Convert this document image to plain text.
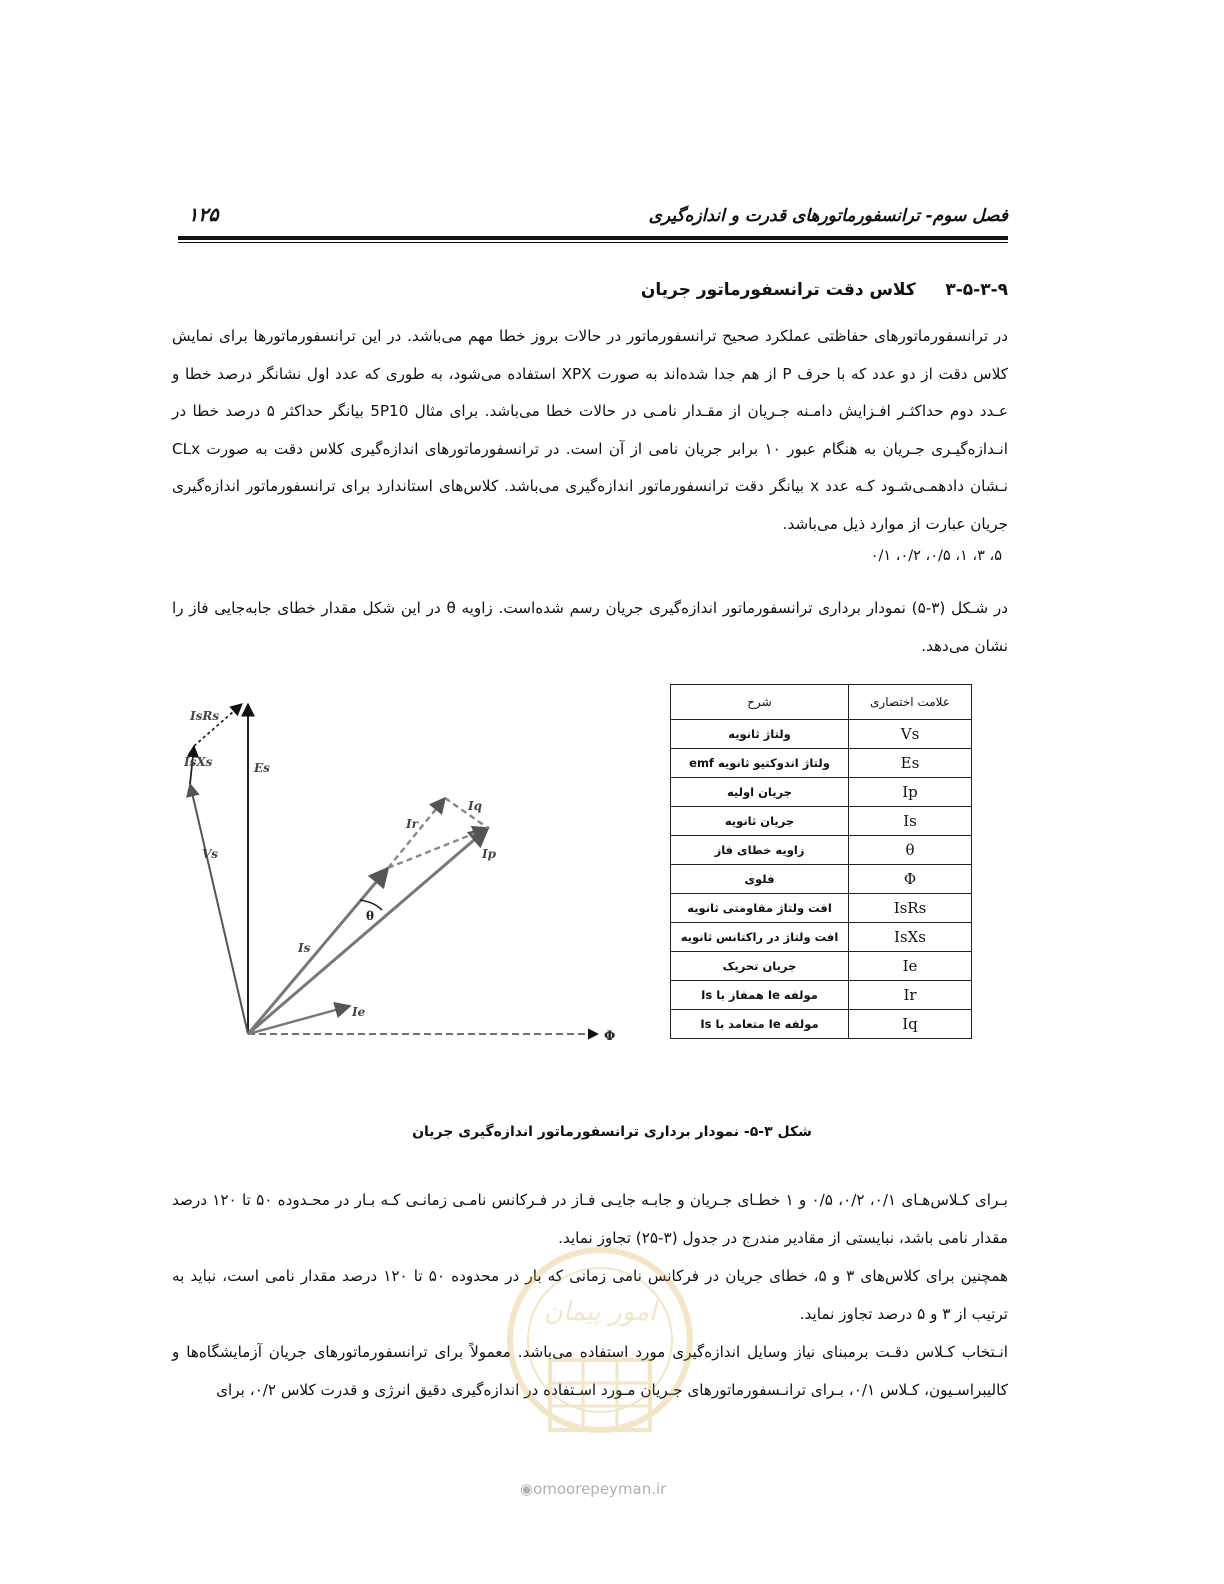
فصل سوم- ترانسفورماتورهای قدرت و اندازه‌گیری
۱۲۵
۳-۵-۳-۹     کلاس دقت ترانسفورماتور جریان
در ترانسفورماتورهای حفاظتی عملکرد صحیح ترانسفورماتور در حالات بروز خطا مهم می‌باشد. در این ترانسفورماتورها برای نمایش کلاس دقت از دو عدد که با حرف P از هم جدا شده‌اند به صورت XPX استفاده می‌شود، به طوری که عدد اول نشانگر درصد خطا و عـدد دوم حداکثـر افـزایش دامـنه جـریان از مقـدار نامـی در حالات خطا می‌باشد. برای مثال 5P10 بیانگر حداکثر ۵ درصد خطا در انـدازه‌گیـری جـریان به هنگام عبور ۱۰ برابر جریان نامی از آن است. در ترانسفورماتورهای اندازه‌گیری کلاس دقت به صورت CLx نـشان دادهمـی‌شـود کـه عدد x بیانگر دقت ترانسفورماتور اندازه‌گیری می‌باشد. کلاس‌های استاندارد برای ترانسفورماتور اندازه‌گیری جریان عبارت از موارد ذیل می‌باشد.
۵، ۳، ۱، ۰/۵، ۰/۲، ۰/۱
در شـکل (۳-۵) نمودار برداری ترانسفورماتور اندازه‌گیری جریان رسم شده‌است. زاویه θ در این شکل مقدار خطای جابه‌جایی فاز را نشان می‌دهد.
IsRs
IsXs	Es
Vs
Ir
Iq
Ip
θ
Is
Ie
Φ
شرح	علامت اختصاری
ولتاژ ثانویه	Vs
ولتاژ اندوکتیو ثانویه emf	Es
جریان اولیه	Ip
جریان ثانویه	Is
زاویه خطای فاز	θ
فلوی	Φ
افت ولتاژ مقاومتی ثانویه	IsRs
افت ولتاژ در راکتانس ثانویه	IsXs
جریان تحریک	Ie
مولفه Ie همفاز با Is	Ir
مولفه Ie متعامد با Is	Iq
شکل ۳-۵- نمودار برداری ترانسفورماتور اندازه‌گیری جریان
بـرای کـلاس‌هـای ۰/۱، ۰/۲، ۰/۵ و ۱ خطـای جـریان و جابـه جایـی فـاز در فـرکانس نامـی زمانـی کـه بـار در محـدوده ۵۰ تا ۱۲۰ درصد مقدار نامی باشد، نبایستی از مقادیر مندرج در جدول (۳-۲۵) تجاوز نماید.
همچنین برای کلاس‌های ۳ و ۵، خطای جریان در فرکانس نامی زمانی که بار در محدوده ۵۰ تا ۱۲۰ درصد مقدار نامی است، نباید به ترتیب از ۳ و ۵ درصد تجاوز نماید.
انـتخاب کـلاس دقـت برمبنای نیاز وسایل اندازه‌گیری مورد استفاده می‌باشد. معمولاً برای ترانسفورماتورهای جریان آزمایشگاه‌ها و کالیبراسـیون، کـلاس ۰/۱، بـرای ترانـسفورماتورهای جـریان مـورد اسـتفاده در اندازه‌گیری دقیق انرژی و قدرت کلاس ۰/۲، برای
امور پیمان
◉omoorepeyman.ir
